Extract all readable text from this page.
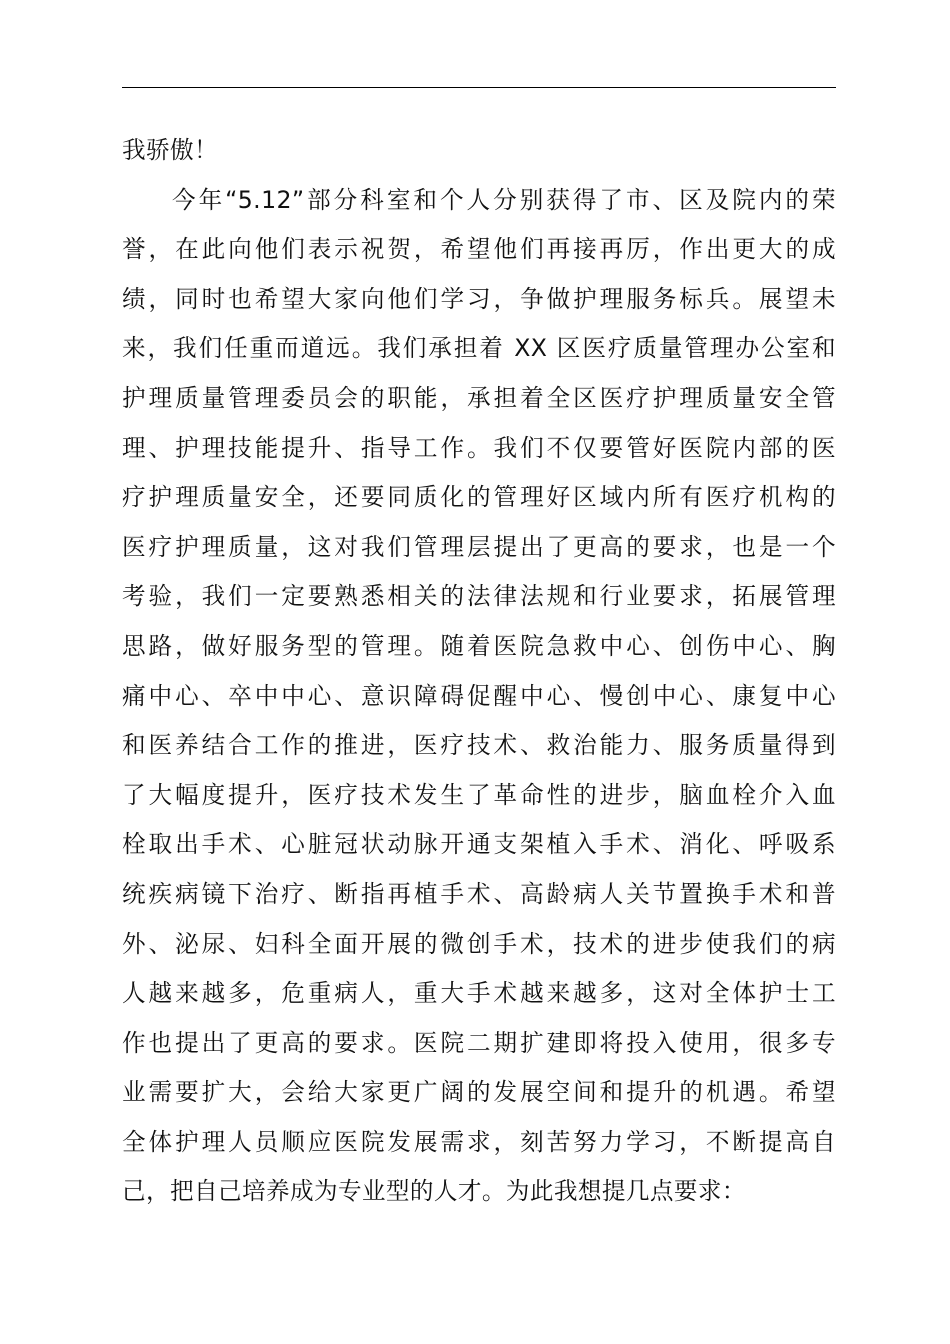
我骄傲！
今年“5.12”部分科室和个人分别获得了市、区及院内的荣
誉，在此向他们表示祝贺，希望他们再接再厉，作出更大的成
绩，同时也希望大家向他们学习，争做护理服务标兵。展望未
来，我们任重而道远。我们承担着 XX 区医疗质量管理办公室和
护理质量管理委员会的职能，承担着全区医疗护理质量安全管
理、护理技能提升、指导工作。我们不仅要管好医院内部的医
疗护理质量安全，还要同质化的管理好区域内所有医疗机构的
医疗护理质量，这对我们管理层提出了更高的要求，也是一个
考验，我们一定要熟悉相关的法律法规和行业要求，拓展管理
思路，做好服务型的管理。随着医院急救中心、创伤中心、胸
痛中心、卒中中心、意识障碍促醒中心、慢创中心、康复中心
和医养结合工作的推进，医疗技术、救治能力、服务质量得到
了大幅度提升，医疗技术发生了革命性的进步，脑血栓介入血
栓取出手术、心脏冠状动脉开通支架植入手术、消化、呼吸系
统疾病镜下治疗、断指再植手术、高龄病人关节置换手术和普
外、泌尿、妇科全面开展的微创手术，技术的进步使我们的病
人越来越多，危重病人，重大手术越来越多，这对全体护士工
作也提出了更高的要求。医院二期扩建即将投入使用，很多专
业需要扩大，会给大家更广阔的发展空间和提升的机遇。希望
全体护理人员顺应医院发展需求，刻苦努力学习，不断提高自
己，把自己培养成为专业型的人才。为此我想提几点要求：
